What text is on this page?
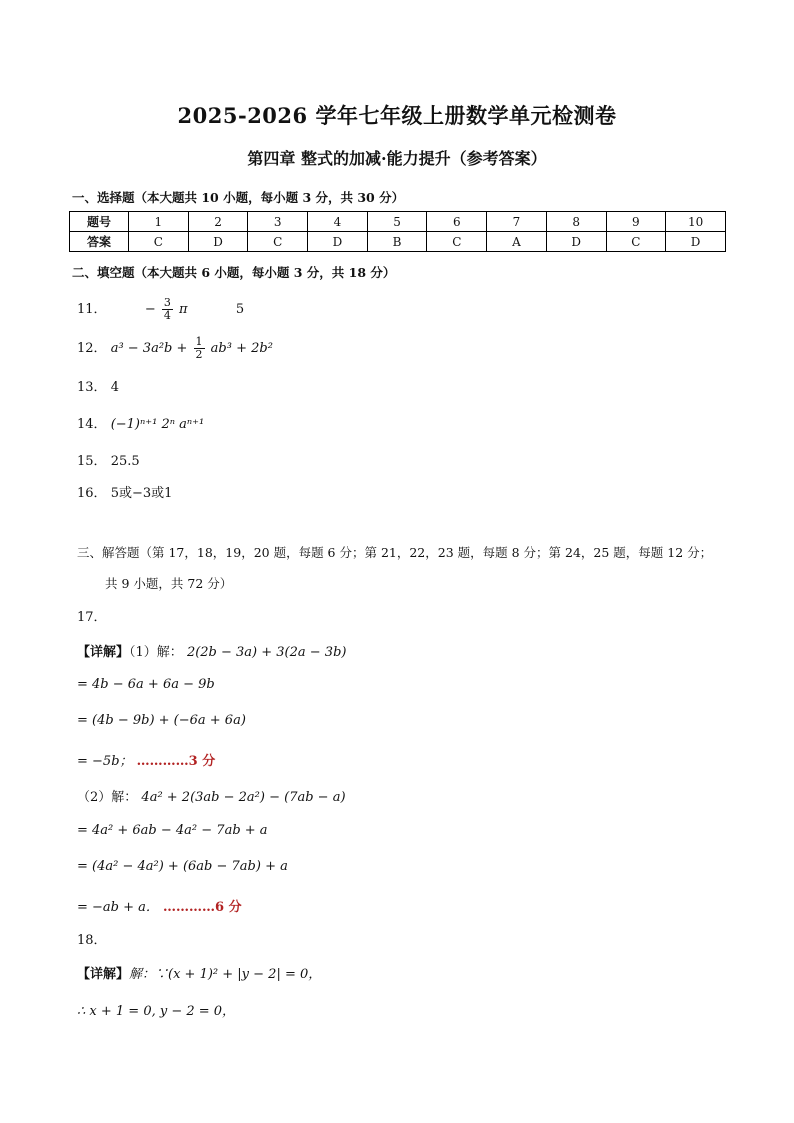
2025-2026 学年七年级上册数学单元检测卷
第四章 整式的加减·能力提升（参考答案）
一、选择题（本大题共 10 小题，每小题 3 分，共 30 分）
题号	1	2	3	4	5	6	7	8	9	10
答案	C	D	C	D	B	C	A	D	C	D
二、填空题（本大题共 6 小题，每小题 3 分，共 18 分）
11．	− $\frac{3}{4}$ π	5
12． $a^3 - 3a^2b + \frac{1}{2} ab^3 + 2b^2$
13． 4
14． (−1)ⁿ⁺¹ 2ⁿ aⁿ⁺¹
15． 25.5
16． 5或−3或1
三、解答题（第 17，18，19，20 题，每题 6 分；第 21，22，23 题，每题 8 分；第 24，25 题，每题 12 分；
共 9 小题，共 72 分）
17．
【详解】（1）解： 2(2b − 3a) + 3(2a − 3b)
= 4b − 6a + 6a − 9b
= (4b − 9b) + (−6a + 6a)
= −5b； …………3 分
（2）解： 4a² + 2(3ab − 2a²) − (7ab − a)
= 4a² + 6ab − 4a² − 7ab + a
= (4a² − 4a²) + (6ab − 7ab) + a
= −ab + a． …………6 分
18．
【详解】解：∵(x + 1)² + |y − 2| = 0，
∴ x + 1 = 0, y − 2 = 0，
